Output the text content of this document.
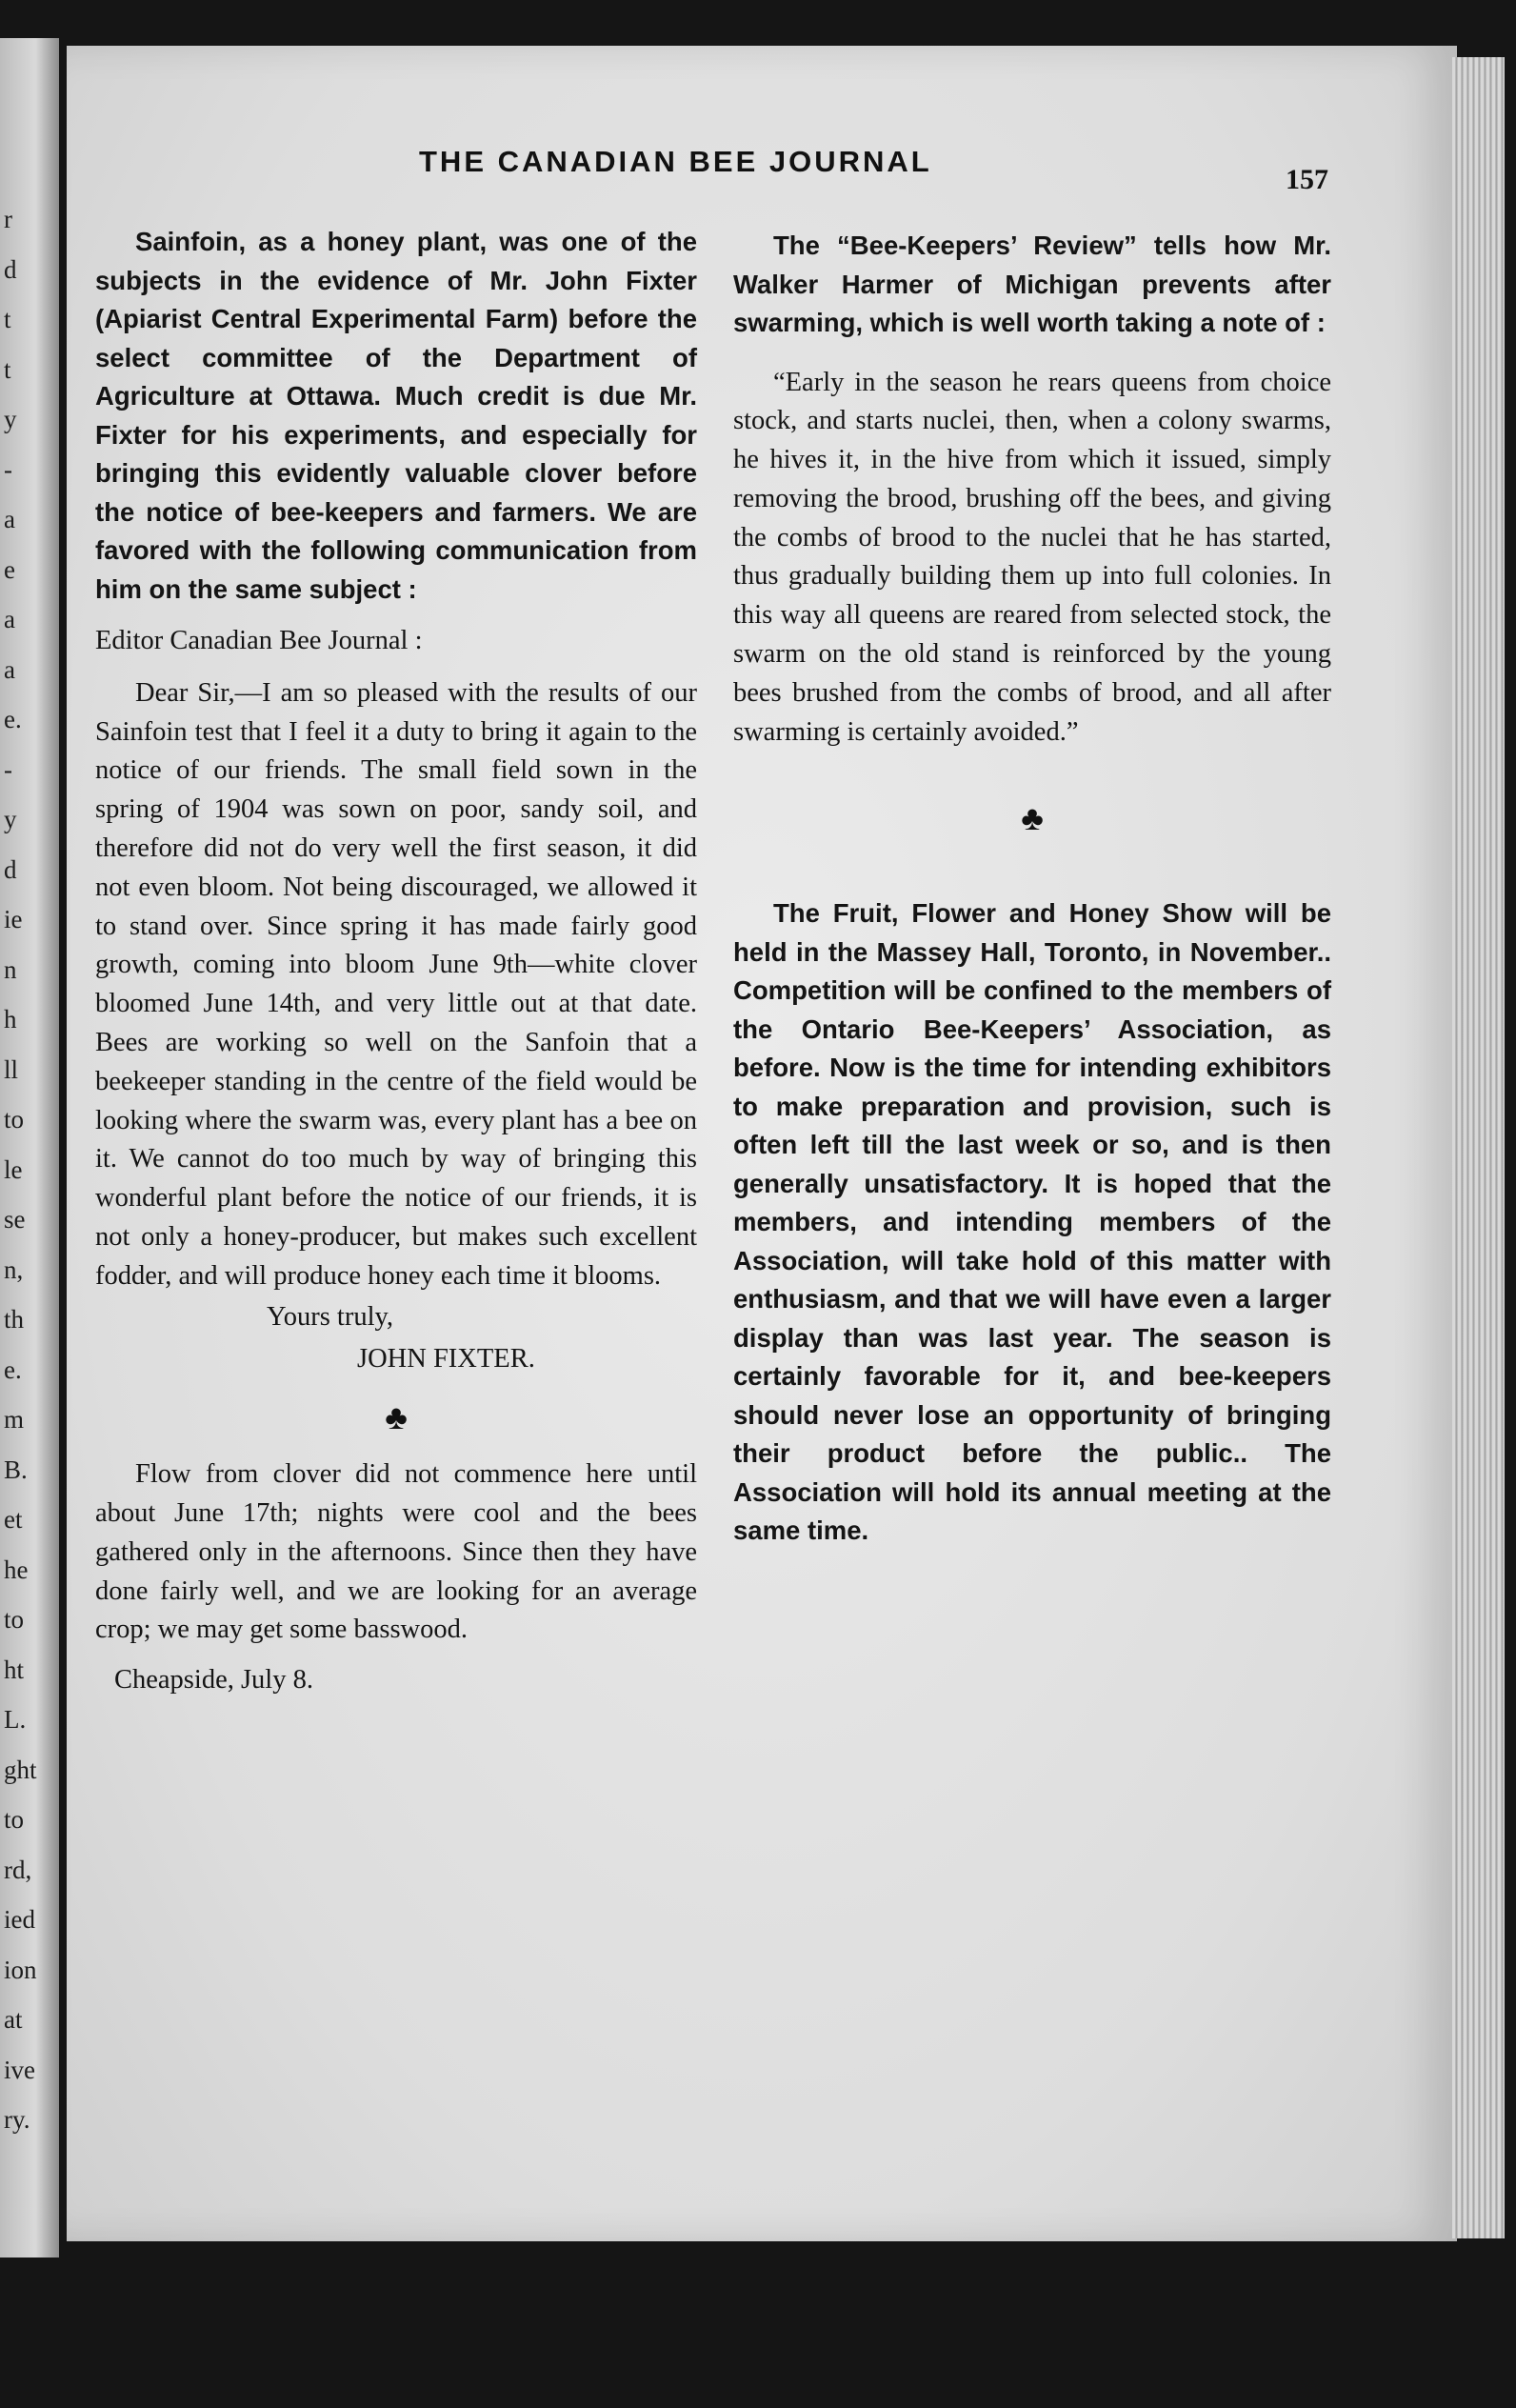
r
d
t
t
y
-
a
e
a
a
e.
-
y
d
ie
n
h
ll
to
le
se
n,
th
e.
m
B.
et
he
to
ht
L.
ght
to
rd,
ied
ion
at
ive
ry.
THE CANADIAN BEE JOURNAL
157

Sainfoin, as a honey plant, was one of the subjects in the evidence of Mr. John Fixter (Apiarist Central Experimental Farm) before the select committee of the Department of Agriculture at Ottawa. Much credit is due Mr. Fixter for his experiments, and especially for bringing this evidently valuable clover before the notice of bee-keepers and farmers. We are favored with the following communication from him on the same subject :

Editor Canadian Bee Journal :

Dear Sir,—I am so pleased with the results of our Sainfoin test that I feel it a duty to bring it again to the notice of our friends. The small field sown in the spring of 1904 was sown on poor, sandy soil, and therefore did not do very well the first season, it did not even bloom. Not being discouraged, we allowed it to stand over. Since spring it has made fairly good growth, coming into bloom June 9th—white clover bloomed June 14th, and very little out at that date. Bees are working so well on the Sanfoin that a beekeeper standing in the centre of the field would be looking where the swarm was, every plant has a bee on it. We cannot do too much by way of bringing this wonderful plant before the notice of our friends, it is not only a honey-producer, but makes such excellent fodder, and will produce honey each time it blooms.

Yours truly,

JOHN FIXTER.

♣

Flow from clover did not commence here until about June 17th; nights were cool and the bees gathered only in the afternoons. Since then they have done fairly well, and we are looking for an average crop; we may get some basswood.

Cheapside, July 8.

The “Bee-Keepers’ Review” tells how Mr. Walker Harmer of Michigan prevents after swarming, which is well worth taking a note of :

“Early in the season he rears queens from choice stock, and starts nuclei, then, when a colony swarms, he hives it, in the hive from which it issued, simply removing the brood, brushing off the bees, and giving the combs of brood to the nuclei that he has started, thus gradually building them up into full colonies. In this way all queens are reared from selected stock, the swarm on the old stand is reinforced by the young bees brushed from the combs of brood, and all after swarming is certainly avoided.”

♣

The Fruit, Flower and Honey Show will be held in the Massey Hall, Toronto, in November.. Competition will be confined to the members of the Ontario Bee-Keepers’ Association, as before. Now is the time for intending exhibitors to make preparation and provision, such is often left till the last week or so, and is then generally unsatisfactory. It is hoped that the members, and intending members of the Association, will take hold of this matter with enthusiasm, and that we will have even a larger display than was last year. The season is certainly favorable for it, and bee-keepers should never lose an opportunity of bringing their product before the public.. The Association will hold its annual meeting at the same time.
